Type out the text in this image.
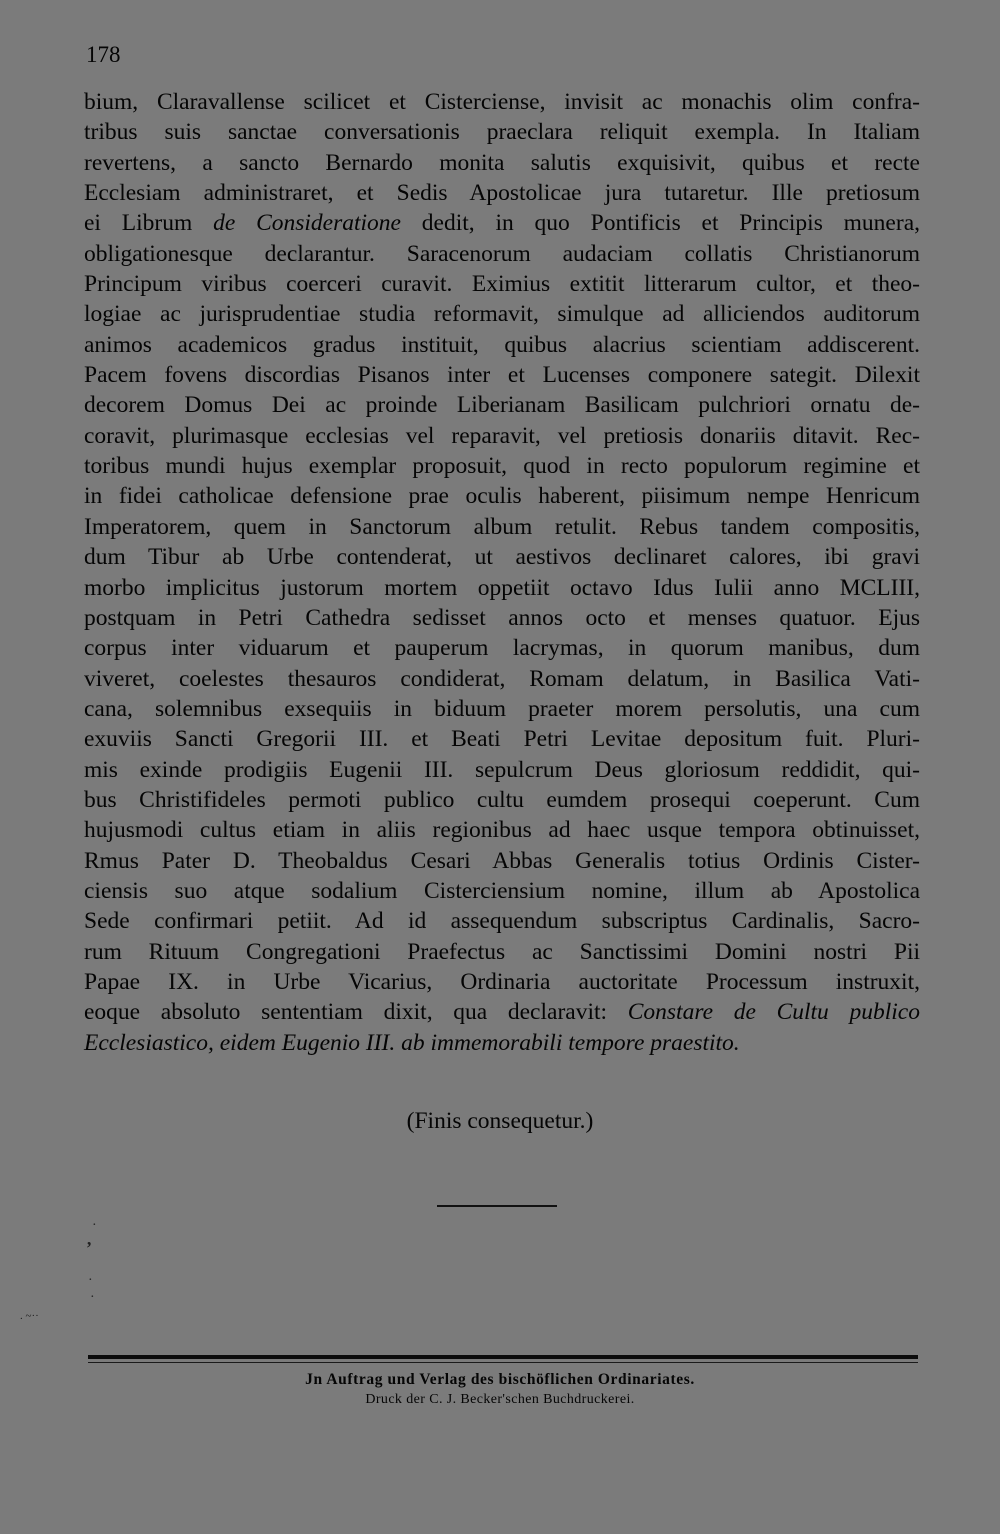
178
bium, Claravallense scilicet et Cisterciense, invisit ac monachis olim confra-
tribus suis sanctae conversationis praeclara reliquit exempla. In Italiam
revertens, a sancto Bernardo monita salutis exquisivit, quibus et recte
Ecclesiam administraret, et Sedis Apostolicae jura tutaretur. Ille pretiosum
ei Librum de Consideratione dedit, in quo Pontificis et Principis munera,
obligationesque declarantur. Saracenorum audaciam collatis Christianorum
Principum viribus coerceri curavit. Eximius extitit litterarum cultor, et theo-
logiae ac jurisprudentiae studia reformavit, simulque ad alliciendos auditorum
animos academicos gradus instituit, quibus alacrius scientiam addiscerent.
Pacem fovens discordias Pisanos inter et Lucenses componere sategit. Dilexit
decorem Domus Dei ac proinde Liberianam Basilicam pulchriori ornatu de-
coravit, plurimasque ecclesias vel reparavit, vel pretiosis donariis ditavit. Rec-
toribus mundi hujus exemplar proposuit, quod in recto populorum regimine et
in fidei catholicae defensione prae oculis haberent, piisimum nempe Henricum
Imperatorem, quem in Sanctorum album retulit. Rebus tandem compositis,
dum Tibur ab Urbe contenderat, ut aestivos declinaret calores, ibi gravi
morbo implicitus justorum mortem oppetiit octavo Idus Iulii anno MCLIII,
postquam in Petri Cathedra sedisset annos octo et menses quatuor. Ejus
corpus inter viduarum et pauperum lacrymas, in quorum manibus, dum
viveret, coelestes thesauros condiderat, Romam delatum, in Basilica Vati-
cana, solemnibus exsequiis in biduum praeter morem persolutis, una cum
exuviis Sancti Gregorii III. et Beati Petri Levitae depositum fuit. Pluri-
mis exinde prodigiis Eugenii III. sepulcrum Deus gloriosum reddidit, qui-
bus Christifideles permoti publico cultu eumdem prosequi coeperunt. Cum
hujusmodi cultus etiam in aliis regionibus ad haec usque tempora obtinuisset,
Rmus Pater D. Theobaldus Cesari Abbas Generalis totius Ordinis Cister-
ciensis suo atque sodalium Cisterciensium nomine, illum ab Apostolica
Sede confirmari petiit. Ad id assequendum subscriptus Cardinalis, Sacro-
rum Rituum Congregationi Praefectus ac Sanctissimi Domini nostri Pii
Papae IX. in Urbe Vicarius, Ordinaria auctoritate Processum instruxit,
eoque absoluto sententiam dixit, qua declaravit: Constare de Cultu publico
Ecclesiastico, eidem Eugenio III. ab immemorabili tempore praestito.
(Finis consequetur.)
·
ʼ
·
·
. ~··
Jn Auftrag und Verlag des bischöflichen Ordinariates.
Druck der C. J. Becker'schen Buchdruckerei.
